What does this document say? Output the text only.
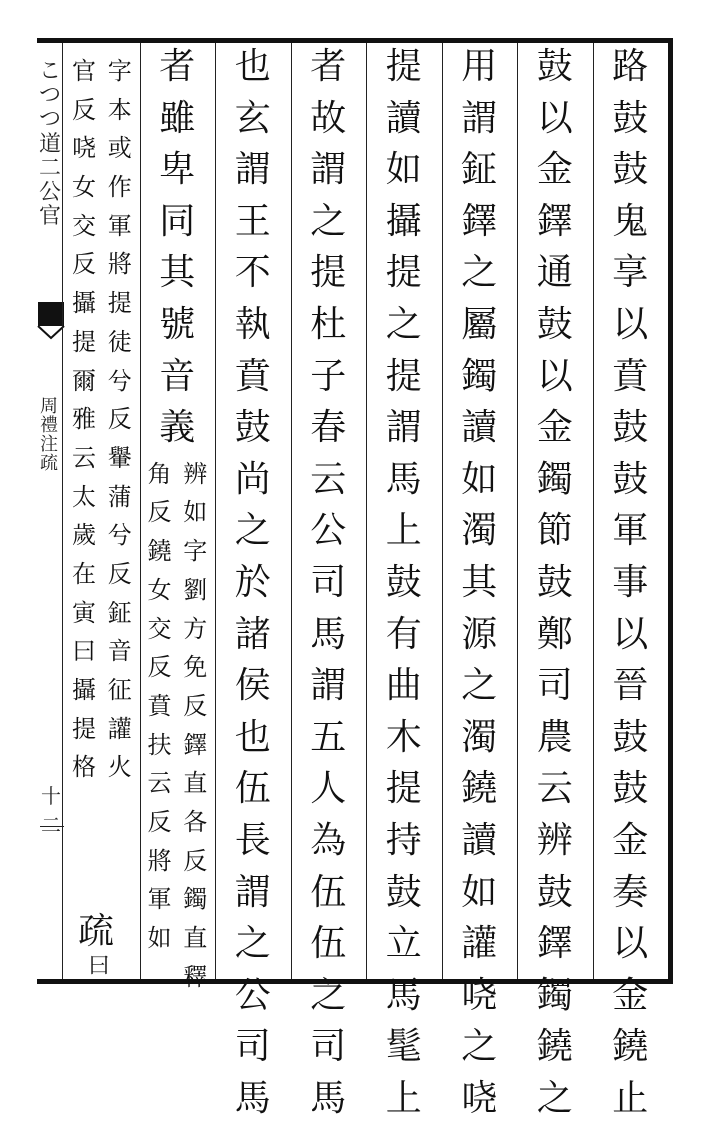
こ
つ
つ
道
二
公
官
周
禮
注
疏
十二
路
鼓
鼓
鬼
享
以
賁
鼓
鼓
軍
事
以
晉
鼓
鼓
金
奏
以
金
鐃
止
鼓
以
金
鐸
通
鼓
以
金
鐲
節
鼓
鄭
司
農
云
辨
鼓
鐸
鐲
鐃
之
用
謂
鉦
鐸
之
屬
鐲
讀
如
濁
其
源
之
濁
鐃
讀
如
讙
哓
之
哓
提
讀
如
攝
提
之
提
謂
馬
上
鼓
有
曲
木
提
持
鼓
立
馬
髦
上
者
故
謂
之
提
杜
子
春
云
公
司
馬
謂
五
人
為
伍
伍
之
司
馬
也
玄
謂
王
不
執
賁
鼓
尚
之
於
諸
侯
也
伍
長
謂
之
公
司
馬
者
雖
卑
同
其
號
音
義
辨
如
字
劉
方
免
反
鐸
直
各
反
鐲
直
釋
角
反
鐃
女
交
反
賁
扶
云
反
將
軍
如
字
本
或
作
軍
將
提
徒
兮
反
轝
蒲
兮
反
鉦
音
征
讙
火
官
反
哓
女
交
反
攝
提
爾
雅
云
太
歲
在
寅
曰
攝
提
格
疏
曰
